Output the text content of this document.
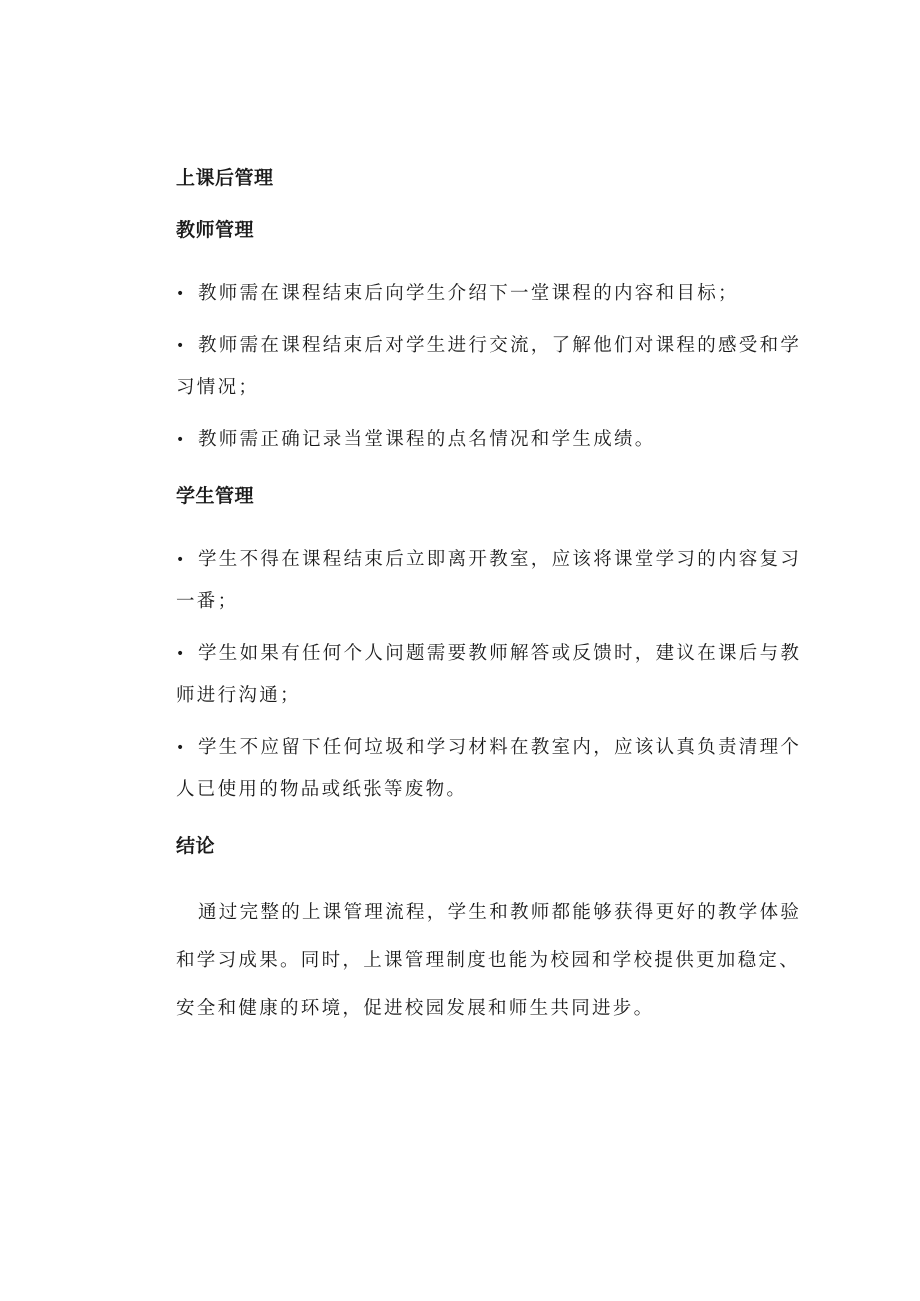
上课后管理
教师管理
• 教师需在课程结束后向学生介绍下一堂课程的内容和目标；
• 教师需在课程结束后对学生进行交流，了解他们对课程的感受和学习情况；
• 教师需正确记录当堂课程的点名情况和学生成绩。
学生管理
• 学生不得在课程结束后立即离开教室，应该将课堂学习的内容复习一番；
• 学生如果有任何个人问题需要教师解答或反馈时，建议在课后与教师进行沟通；
• 学生不应留下任何垃圾和学习材料在教室内，应该认真负责清理个人已使用的物品或纸张等废物。
结论

通过完整的上课管理流程，学生和教师都能够获得更好的教学体验和学习成果。同时，上课管理制度也能为校园和学校提供更加稳定、安全和健康的环境，促进校园发展和师生共同进步。
